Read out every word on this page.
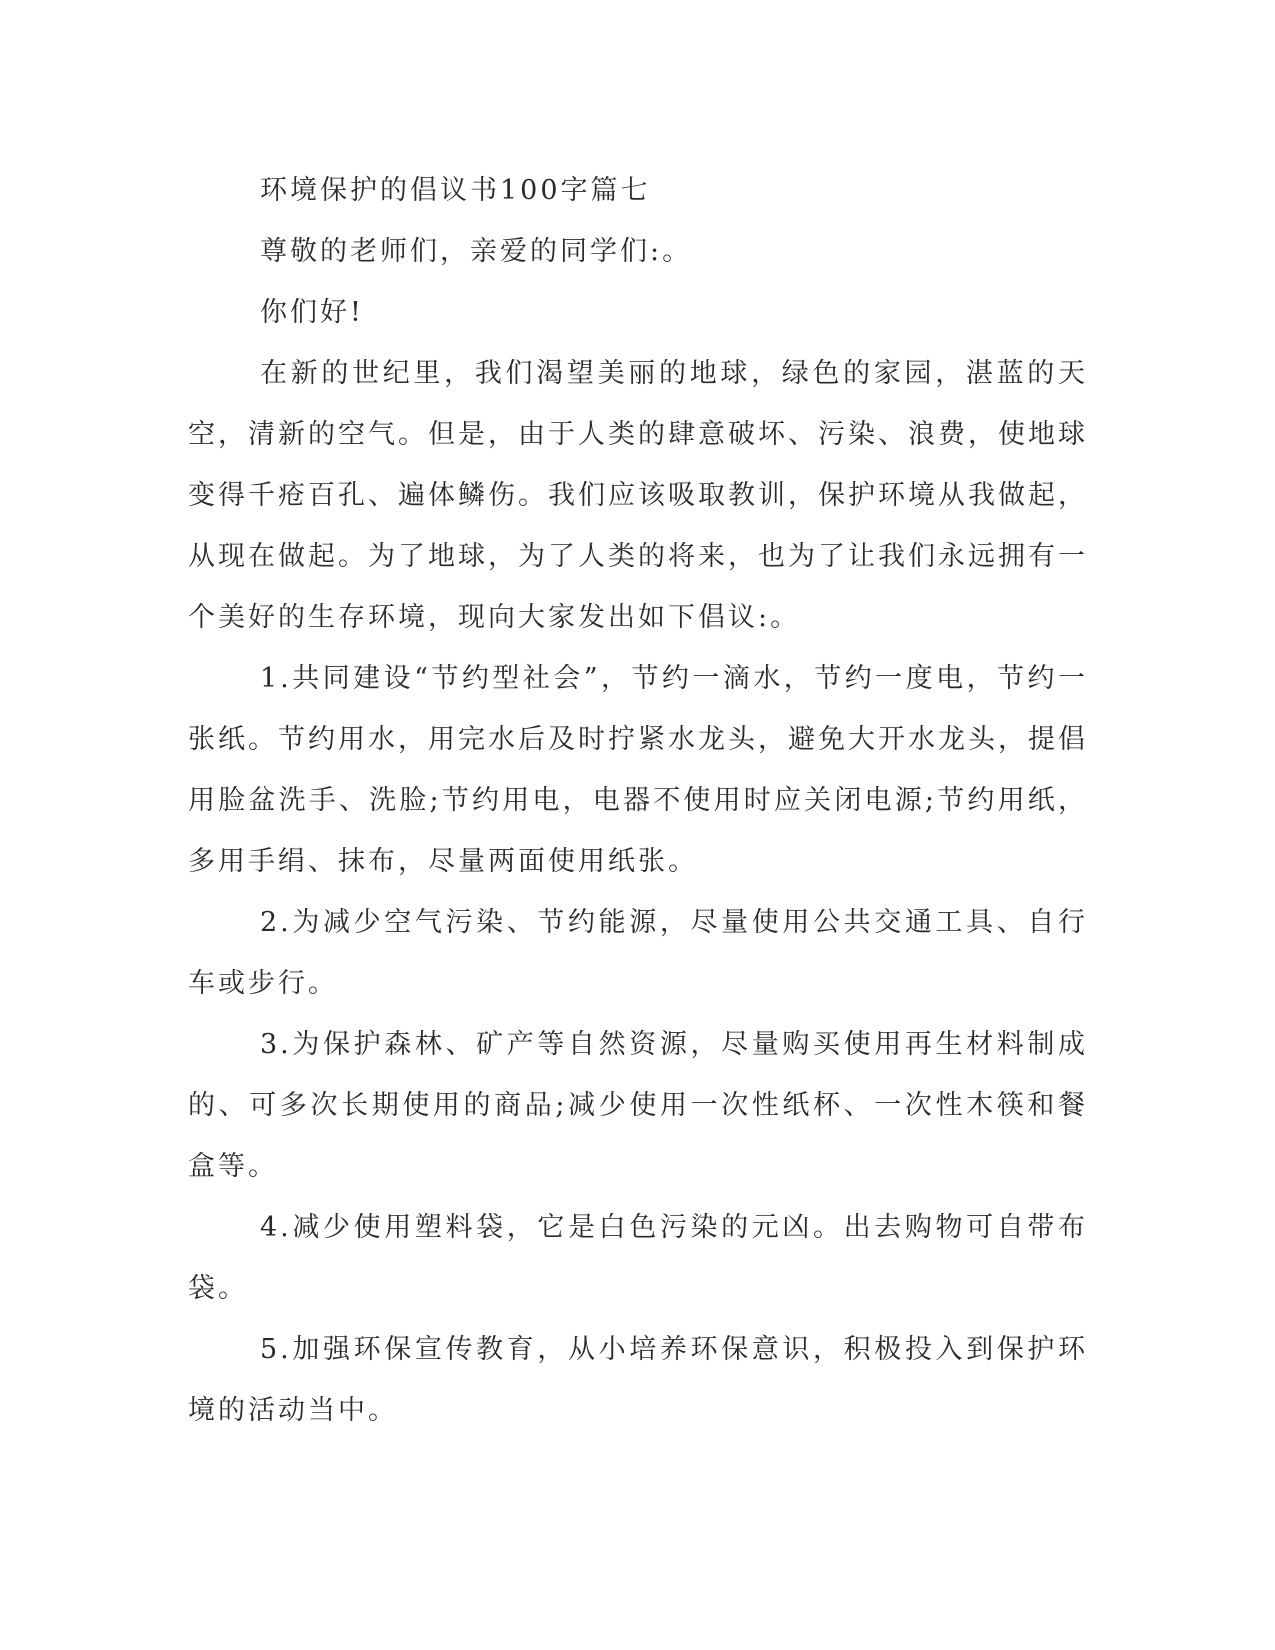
环境保护的倡议书100字篇七

尊敬的老师们，亲爱的同学们:。

你们好!

在新的世纪里，我们渴望美丽的地球，绿色的家园，湛蓝的天空，清新的空气。但是，由于人类的肆意破坏、污染、浪费，使地球变得千疮百孔、遍体鳞伤。我们应该吸取教训，保护环境从我做起，从现在做起。为了地球，为了人类的将来，也为了让我们永远拥有一个美好的生存环境，现向大家发出如下倡议:。

1.共同建设“节约型社会”，节约一滴水，节约一度电，节约一张纸。节约用水，用完水后及时拧紧水龙头，避免大开水龙头，提倡用脸盆洗手、洗脸;节约用电，电器不使用时应关闭电源;节约用纸，多用手绢、抹布，尽量两面使用纸张。

2.为减少空气污染、节约能源，尽量使用公共交通工具、自行车或步行。

3.为保护森林、矿产等自然资源，尽量购买使用再生材料制成的、可多次长期使用的商品;减少使用一次性纸杯、一次性木筷和餐盒等。

4.减少使用塑料袋，它是白色污染的元凶。出去购物可自带布袋。

5.加强环保宣传教育，从小培养环保意识，积极投入到保护环境的活动当中。
